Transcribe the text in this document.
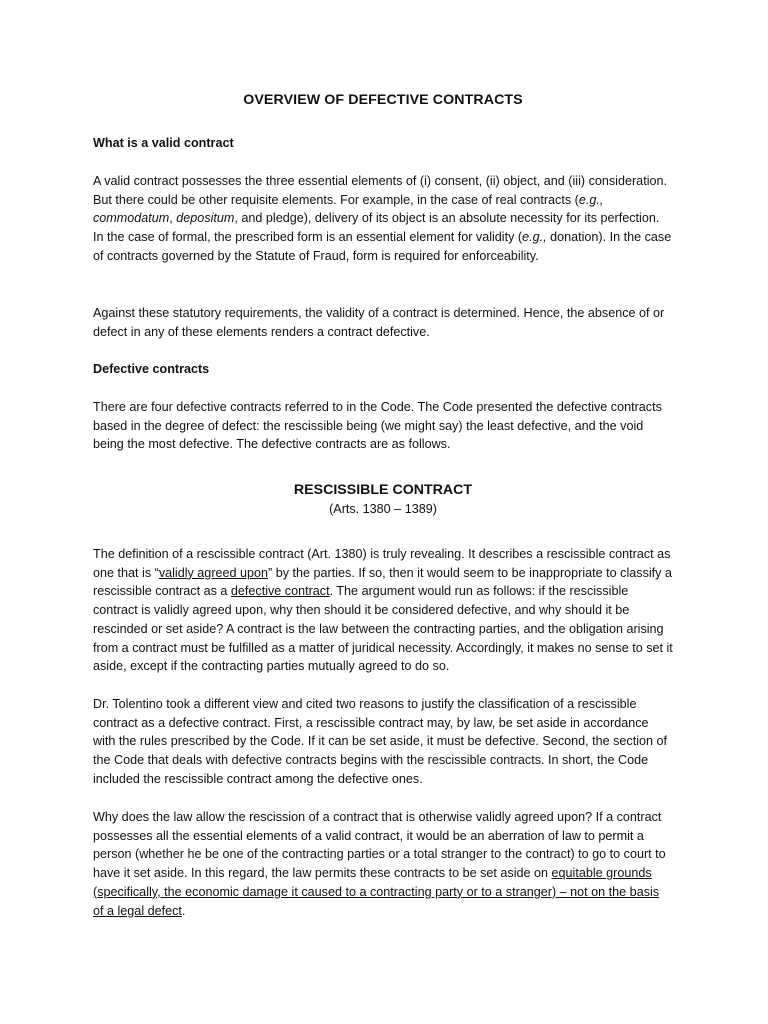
OVERVIEW OF DEFECTIVE CONTRACTS

What is a valid contract

A valid contract possesses the three essential elements of (i) consent, (ii) object, and (iii) consideration. But there could be other requisite elements. For example, in the case of real contracts (e.g., commodatum, depositum, and pledge), delivery of its object is an absolute necessity for its perfection. In the case of formal, the prescribed form is an essential element for validity (e.g., donation). In the case of contracts governed by the Statute of Fraud, form is required for enforceability.

Against these statutory requirements, the validity of a contract is determined. Hence, the absence of or defect in any of these elements renders a contract defective.

Defective contracts

There are four defective contracts referred to in the Code. The Code presented the defective contracts based in the degree of defect: the rescissible being (we might say) the least defective, and the void being the most defective. The defective contracts are as follows.

RESCISSIBLE CONTRACT

(Arts. 1380 – 1389)

The definition of a rescissible contract (Art. 1380) is truly revealing. It describes a rescissible contract as one that is “validly agreed upon” by the parties. If so, then it would seem to be inappropriate to classify a rescissible contract as a defective contract. The argument would run as follows: if the rescissible contract is validly agreed upon, why then should it be considered defective, and why should it be rescinded or set aside? A contract is the law between the contracting parties, and the obligation arising from a contract must be fulfilled as a matter of juridical necessity. Accordingly, it makes no sense to set it aside, except if the contracting parties mutually agreed to do so.

Dr. Tolentino took a different view and cited two reasons to justify the classification of a rescissible contract as a defective contract. First, a rescissible contract may, by law, be set aside in accordance with the rules prescribed by the Code. If it can be set aside, it must be defective. Second, the section of the Code that deals with defective contracts begins with the rescissible contracts. In short, the Code included the rescissible contract among the defective ones.

Why does the law allow the rescission of a contract that is otherwise validly agreed upon? If a contract possesses all the essential elements of a valid contract, it would be an aberration of law to permit a person (whether he be one of the contracting parties or a total stranger to the contract) to go to court to have it set aside. In this regard, the law permits these contracts to be set aside on equitable grounds (specifically, the economic damage it caused to a contracting party or to a stranger) – not on the basis of a legal defect.
